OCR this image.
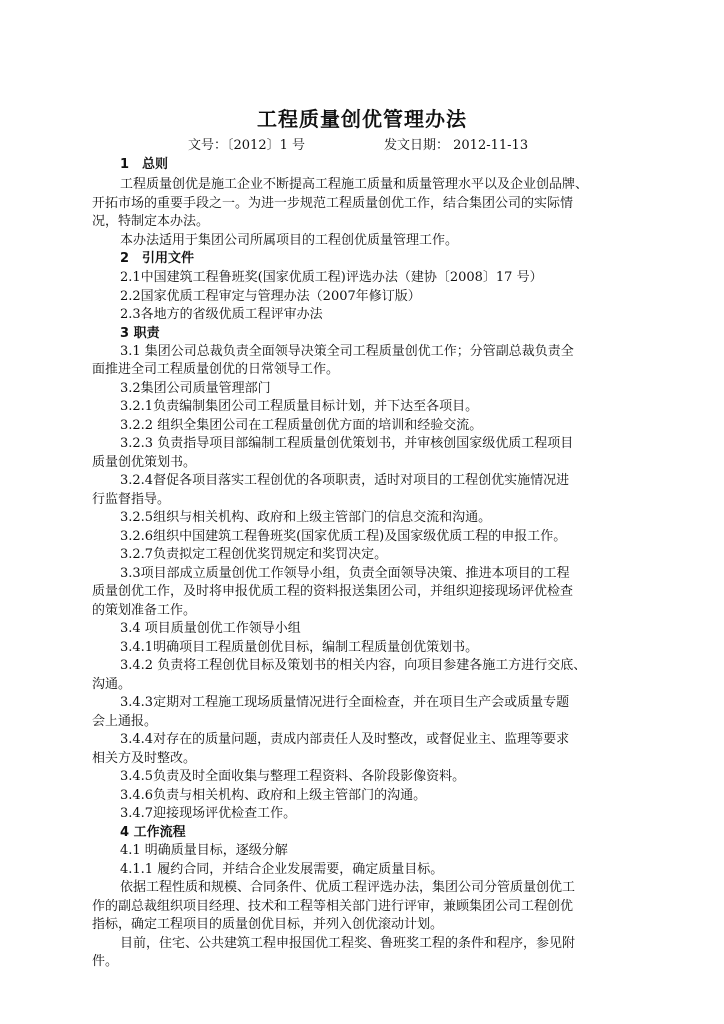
工程质量创优管理办法
文号：〔2012〕1 号	发文日期： 2012-11-13
1　总则
工程质量创优是施工企业不断提高工程施工质量和质量管理水平以及企业创品牌、
开拓市场的重要手段之一。为进一步规范工程质量创优工作，结合集团公司的实际情
况，特制定本办法。
本办法适用于集团公司所属项目的工程创优质量管理工作。
2　引用文件
2.1中国建筑工程鲁班奖(国家优质工程)评选办法（建协〔2008〕17 号）
2.2国家优质工程审定与管理办法（2007年修订版）
2.3各地方的省级优质工程评审办法
3 职责
3.1 集团公司总裁负责全面领导决策全司工程质量创优工作；分管副总裁负责全
面推进全司工程质量创优的日常领导工作。
3.2集团公司质量管理部门
3.2.1负责编制集团公司工程质量目标计划，并下达至各项目。
3.2.2 组织全集团公司在工程质量创优方面的培训和经验交流。
3.2.3 负责指导项目部编制工程质量创优策划书，并审核创国家级优质工程项目
质量创优策划书。
3.2.4督促各项目落实工程创优的各项职责，适时对项目的工程创优实施情况进
行监督指导。
3.2.5组织与相关机构、政府和上级主管部门的信息交流和沟通。
3.2.6组织中国建筑工程鲁班奖(国家优质工程)及国家级优质工程的申报工作。
3.2.7负责拟定工程创优奖罚规定和奖罚决定。
3.3项目部成立质量创优工作领导小组，负责全面领导决策、推进本项目的工程
质量创优工作，及时将申报优质工程的资料报送集团公司，并组织迎接现场评优检查
的策划准备工作。
3.4 项目质量创优工作领导小组
3.4.1明确项目工程质量创优目标，编制工程质量创优策划书。
3.4.2 负责将工程创优目标及策划书的相关内容，向项目参建各施工方进行交底、
沟通。
3.4.3定期对工程施工现场质量情况进行全面检查，并在项目生产会或质量专题
会上通报。
3.4.4对存在的质量问题，责成内部责任人及时整改，或督促业主、监理等要求
相关方及时整改。
3.4.5负责及时全面收集与整理工程资料、各阶段影像资料。
3.4.6负责与相关机构、政府和上级主管部门的沟通。
3.4.7迎接现场评优检查工作。
4 工作流程
4.1 明确质量目标，逐级分解
4.1.1 履约合同，并结合企业发展需要，确定质量目标。
依据工程性质和规模、合同条件、优质工程评选办法，集团公司分管质量创优工
作的副总裁组织项目经理、技术和工程等相关部门进行评审，兼顾集团公司工程创优
指标，确定工程项目的质量创优目标，并列入创优滚动计划。
目前，住宅、公共建筑工程申报国优工程奖、鲁班奖工程的条件和程序，参见附
件。
